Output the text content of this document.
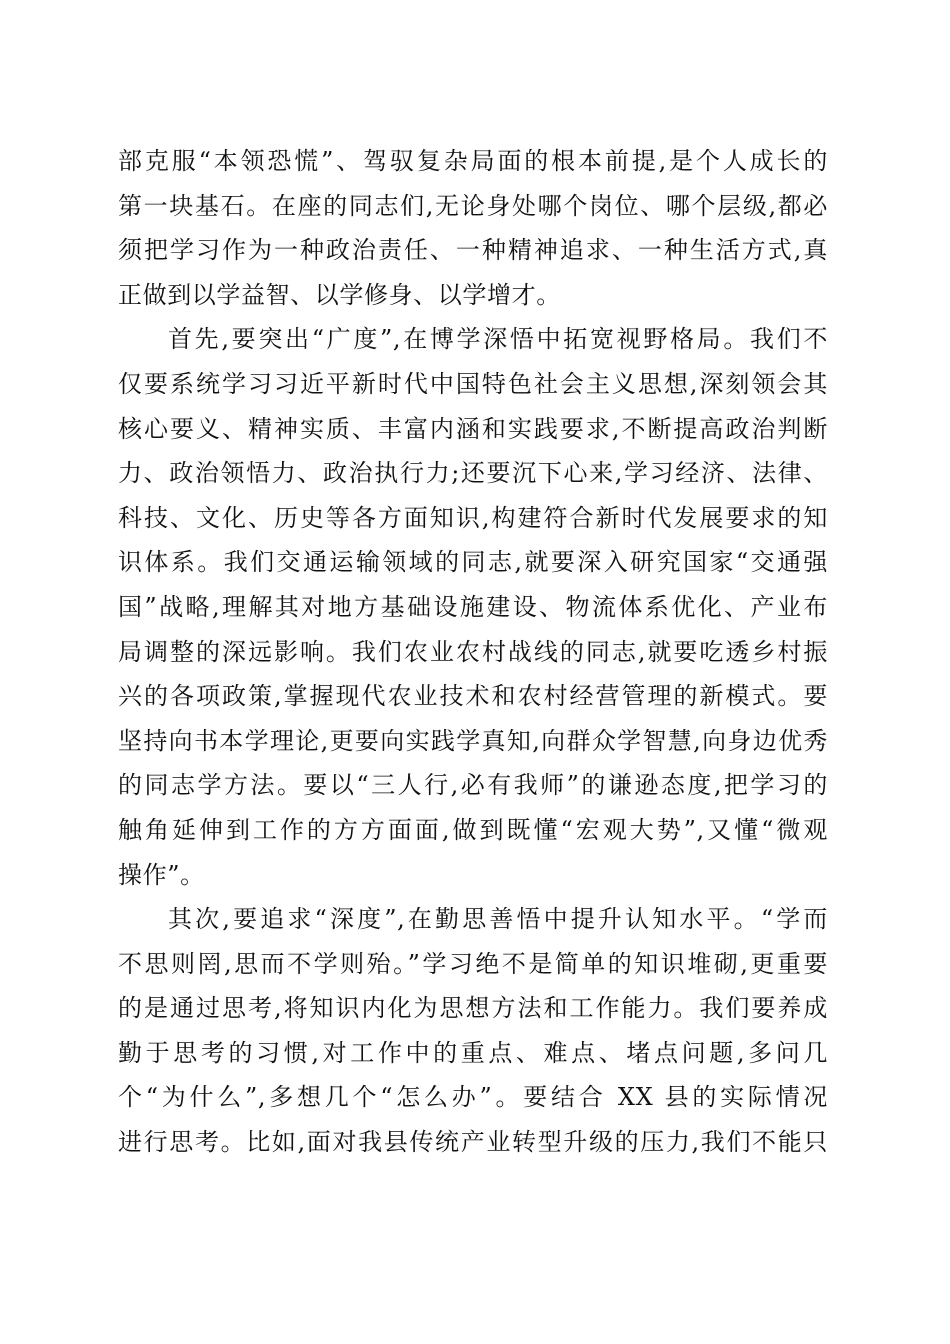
部克服“本领恐慌”、驾驭复杂局面的根本前提,是个人成长的
第一块基石。在座的同志们,无论身处哪个岗位、哪个层级,都必
须把学习作为一种政治责任、一种精神追求、一种生活方式,真
正做到以学益智、以学修身、以学增才。
首先,要突出“广度”,在博学深悟中拓宽视野格局。我们不
仅要系统学习习近平新时代中国特色社会主义思想,深刻领会其
核心要义、精神实质、丰富内涵和实践要求,不断提高政治判断
力、政治领悟力、政治执行力;还要沉下心来,学习经济、法律、
科技、文化、历史等各方面知识,构建符合新时代发展要求的知
识体系。我们交通运输领域的同志,就要深入研究国家“交通强
国”战略,理解其对地方基础设施建设、物流体系优化、产业布
局调整的深远影响。我们农业农村战线的同志,就要吃透乡村振
兴的各项政策,掌握现代农业技术和农村经营管理的新模式。要
坚持向书本学理论,更要向实践学真知,向群众学智慧,向身边优秀
的同志学方法。要以“三人行,必有我师”的谦逊态度,把学习的
触角延伸到工作的方方面面,做到既懂“宏观大势”,又懂“微观
操作”。
其次,要追求“深度”,在勤思善悟中提升认知水平。“学而
不思则罔,思而不学则殆。”学习绝不是简单的知识堆砌,更重要
的是通过思考,将知识内化为思想方法和工作能力。我们要养成
勤于思考的习惯,对工作中的重点、难点、堵点问题,多问几
个“为什么”,多想几个“怎么办”。要结合 XX 县的实际情况
进行思考。比如,面对我县传统产业转型升级的压力,我们不能只
